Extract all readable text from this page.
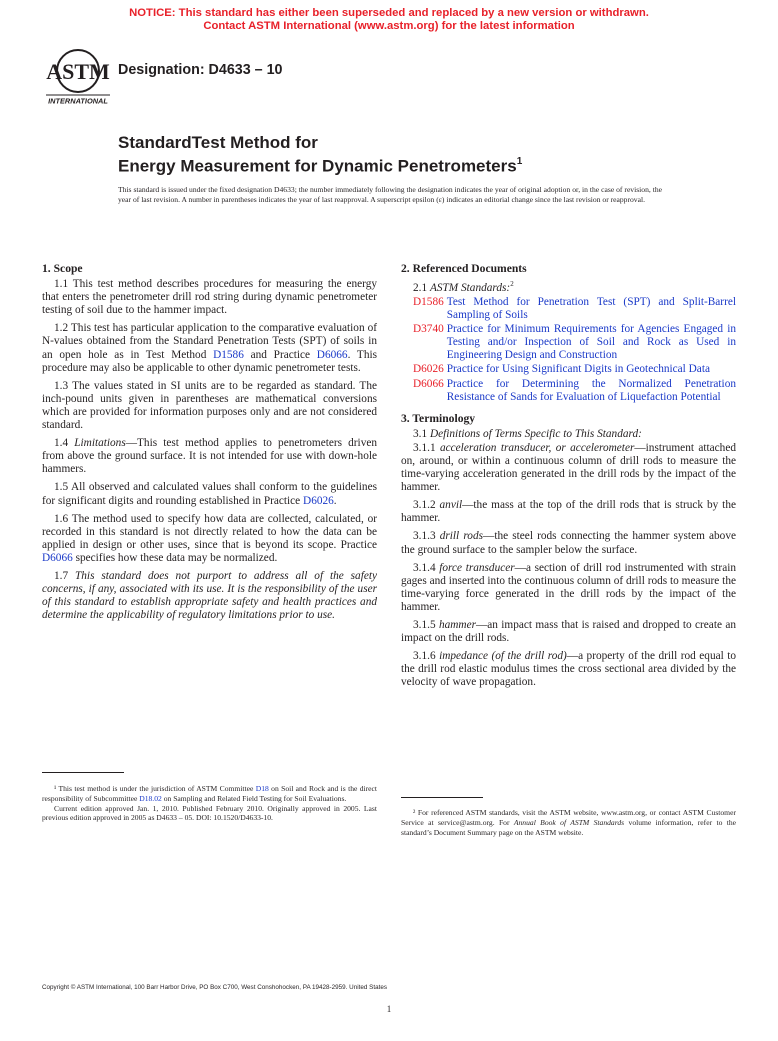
NOTICE: This standard has either been superseded and replaced by a new version or withdrawn.
Contact ASTM International (www.astm.org) for the latest information
ASTM
INTERNATIONAL
Designation: D4633 – 10
StandardTest Method for
Energy Measurement for Dynamic Penetrometers$^1$
This standard is issued under the fixed designation D4633; the number immediately following the designation indicates the year of original adoption or, in the case of revision, the year of last revision. A number in parentheses indicates the year of last reapproval. A superscript epsilon (ε) indicates an editorial change since the last revision or reapproval.
1. Scope

1.1 This test method describes procedures for measuring the energy that enters the penetrometer drill rod string during dynamic penetrometer testing of soil due to the hammer impact.

1.2 This test has particular application to the comparative evaluation of N-values obtained from the Standard Penetration Tests (SPT) of soils in an open hole as in Test Method D1586 and Practice D6066. This procedure may also be applicable to other dynamic penetrometer tests.

1.3 The values stated in SI units are to be regarded as standard. The inch-pound units given in parentheses are mathematical conversions which are provided for information purposes only and are not considered standard.

1.4 Limitations—This test method applies to penetrometers driven from above the ground surface. It is not intended for use with down-hole hammers.

1.5 All observed and calculated values shall conform to the guidelines for significant digits and rounding established in Practice D6026.

1.6 The method used to specify how data are collected, calculated, or recorded in this standard is not directly related to how the data can be applied in design or other uses, since that is beyond its scope. Practice D6066 specifies how these data may be normalized.

1.7 This standard does not purport to address all of the safety concerns, if any, associated with its use. It is the responsibility of the user of this standard to establish appropriate safety and health practices and determine the applicability of regulatory limitations prior to use.

¹ This test method is under the jurisdiction of ASTM Committee D18 on Soil and Rock and is the direct responsibility of Subcommittee D18.02 on Sampling and Related Field Testing for Soil Evaluations.
Current edition approved Jan. 1, 2010. Published February 2010. Originally approved in 2005. Last previous edition approved in 2005 as D4633 – 05. DOI: 10.1520/D4633-10.
2. Referenced Documents
2.1 ASTM Standards:$^2$
D1586 Test Method for Penetration Test (SPT) and Split-Barrel Sampling of Soils
D3740 Practice for Minimum Requirements for Agencies Engaged in Testing and/or Inspection of Soil and Rock as Used in Engineering Design and Construction
D6026 Practice for Using Significant Digits in Geotechnical Data
D6066 Practice for Determining the Normalized Penetration Resistance of Sands for Evaluation of Liquefaction Potential
3. Terminology
3.1 Definitions of Terms Specific to This Standard:

3.1.1 acceleration transducer, or accelerometer—instrument attached on, around, or within a continuous column of drill rods to measure the time-varying acceleration generated in the drill rods by the impact of the hammer.

3.1.2 anvil—the mass at the top of the drill rods that is struck by the hammer.

3.1.3 drill rods—the steel rods connecting the hammer system above the ground surface to the sampler below the surface.

3.1.4 force transducer—a section of drill rod instrumented with strain gages and inserted into the continuous column of drill rods to measure the time-varying force generated in the drill rods by the impact of the hammer.

3.1.5 hammer—an impact mass that is raised and dropped to create an impact on the drill rods.

3.1.6 impedance (of the drill rod)—a property of the drill rod equal to the drill rod elastic modulus times the cross sectional area divided by the velocity of wave propagation.

² For referenced ASTM standards, visit the ASTM website, www.astm.org, or contact ASTM Customer Service at service@astm.org. For Annual Book of ASTM Standards volume information, refer to the standard’s Document Summary page on the ASTM website.
Copyright © ASTM International, 100 Barr Harbor Drive, PO Box C700, West Conshohocken, PA 19428-2959. United States
1
